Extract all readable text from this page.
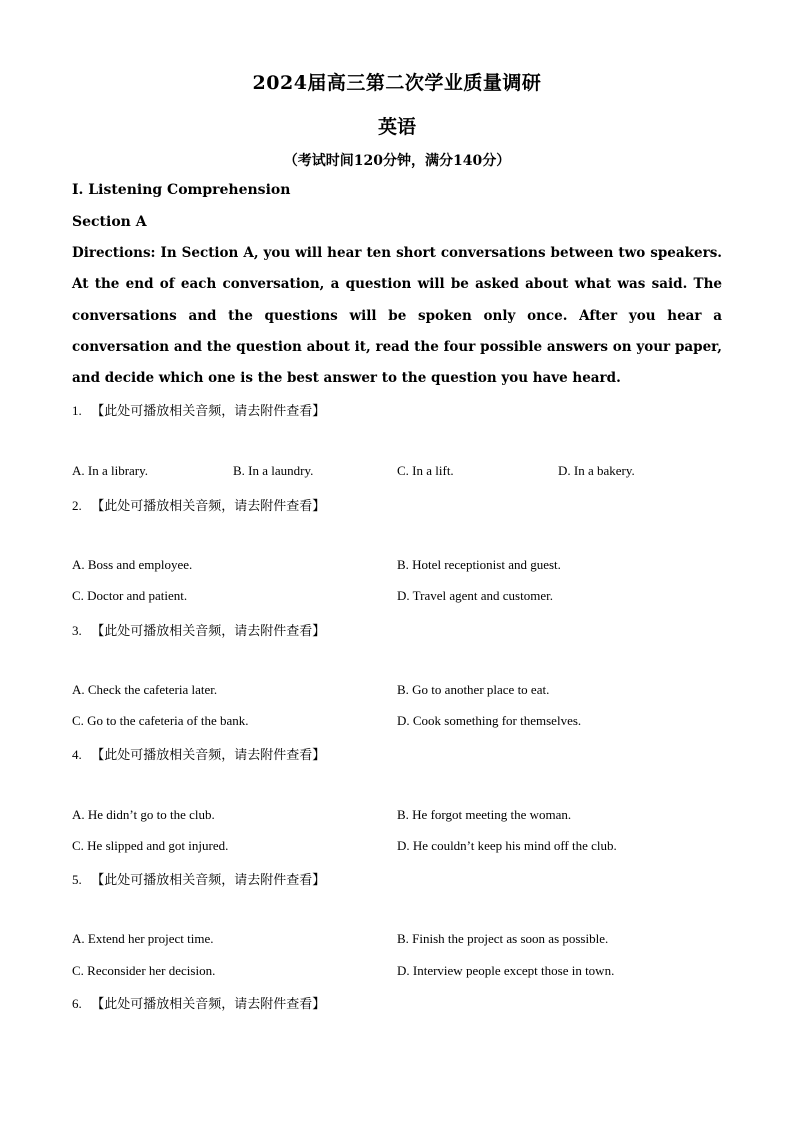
2024届高三第二次学业质量调研
英语
（考试时间120分钟，满分140分）
I. Listening Comprehension
Section A
Directions: In Section A, you will hear ten short conversations between two speakers. At the end of each conversation, a question will be asked about what was said. The conversations and the questions will be spoken only once. After you hear a conversation and the question about it, read the four possible answers on your paper, and decide which one is the best answer to the question you have heard.
1. 【此处可播放相关音频，请去附件查看】
A. In a library.	B. In a laundry.	C. In a lift.	D. In a bakery.
2. 【此处可播放相关音频，请去附件查看】
A. Boss and employee.	B. Hotel receptionist and guest.
C. Doctor and patient.	D. Travel agent and customer.
3. 【此处可播放相关音频，请去附件查看】
A. Check the cafeteria later.	B. Go to another place to eat.
C. Go to the cafeteria of the bank.	D. Cook something for themselves.
4. 【此处可播放相关音频，请去附件查看】
A. He didn’t go to the club.	B. He forgot meeting the woman.
C. He slipped and got injured.	D. He couldn’t keep his mind off the club.
5. 【此处可播放相关音频，请去附件查看】
A. Extend her project time.	B. Finish the project as soon as possible.
C. Reconsider her decision.	D. Interview people except those in town.
6. 【此处可播放相关音频，请去附件查看】
